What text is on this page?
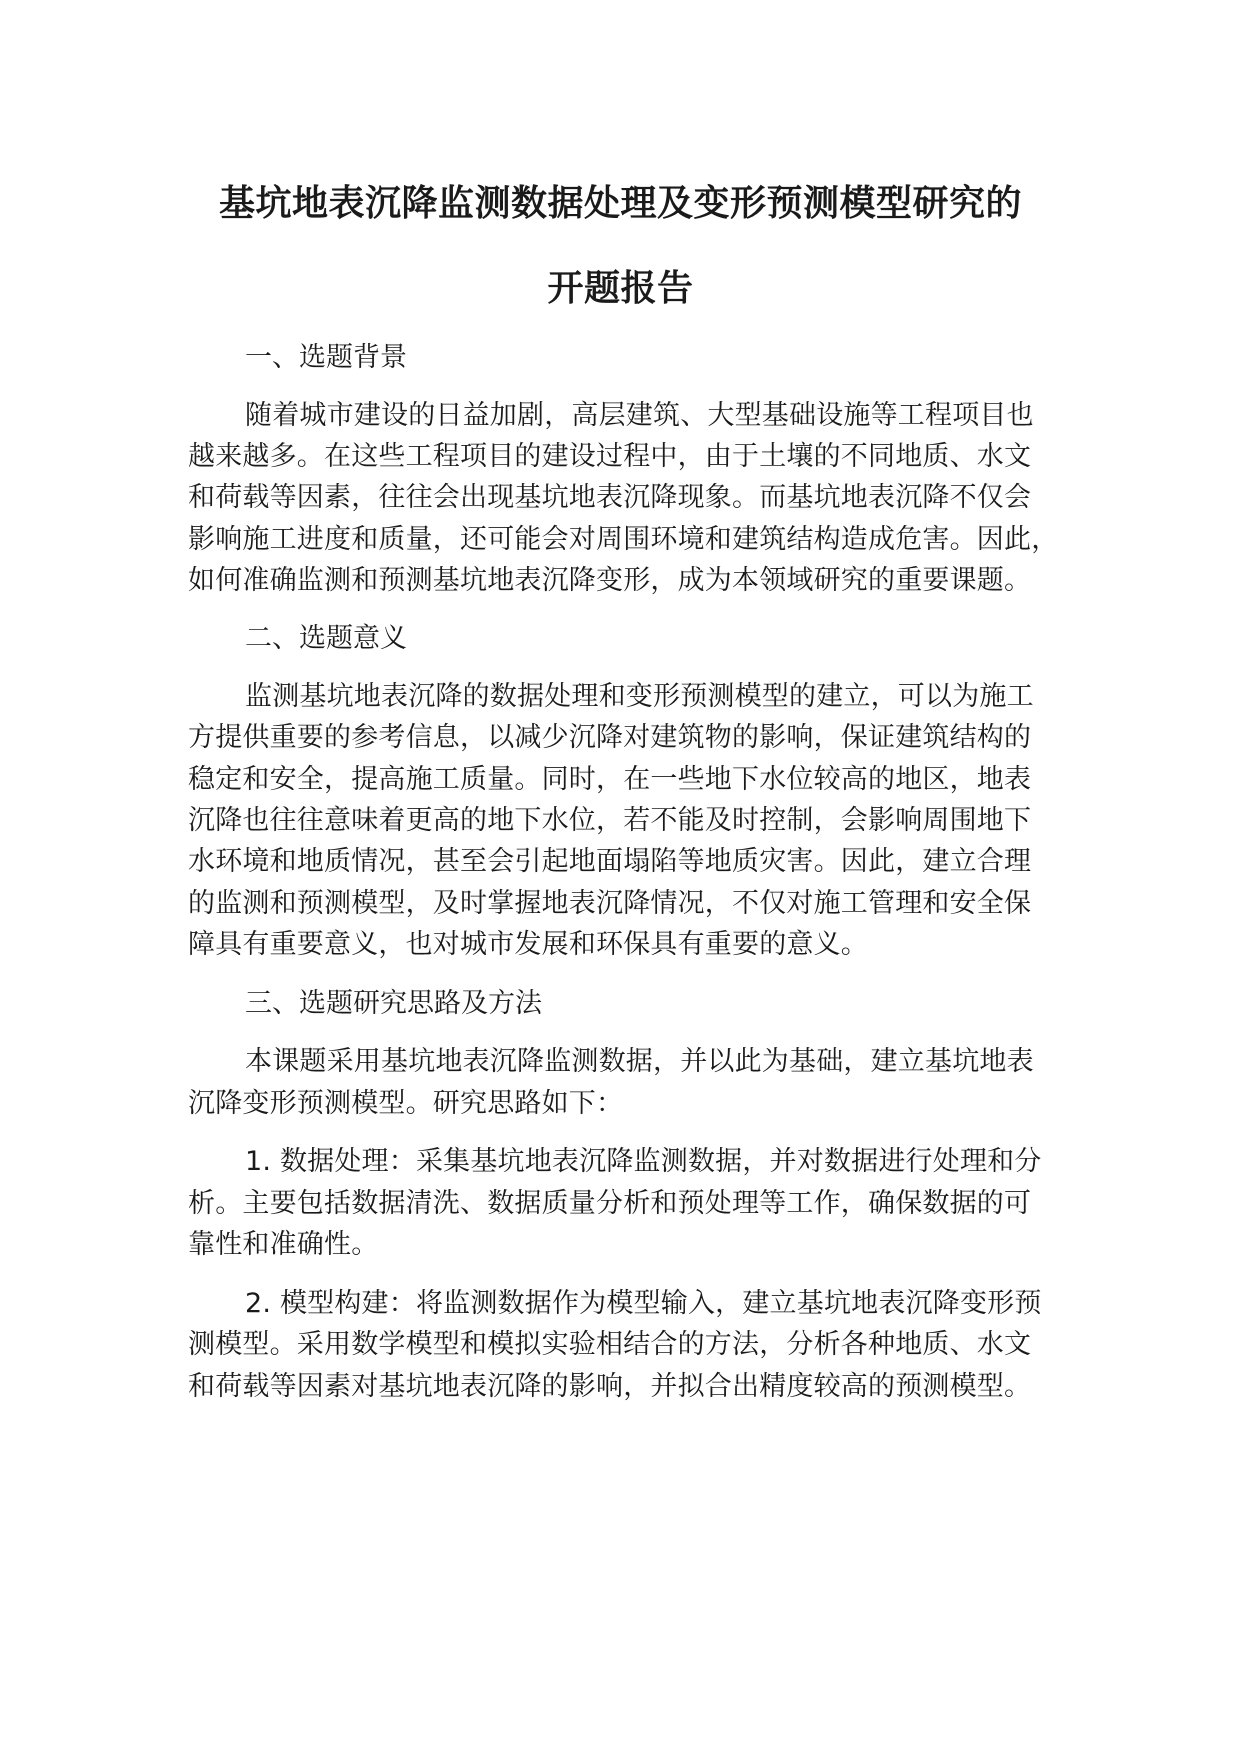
基坑地表沉降监测数据处理及变形预测模型研究的
开题报告
一、选题背景

随着城市建设的日益加剧，高层建筑、大型基础设施等工程项目也

越来越多。在这些工程项目的建设过程中，由于土壤的不同地质、水文

和荷载等因素，往往会出现基坑地表沉降现象。而基坑地表沉降不仅会

影响施工进度和质量，还可能会对周围环境和建筑结构造成危害。因此，

如何准确监测和预测基坑地表沉降变形，成为本领域研究的重要课题。

二、选题意义

监测基坑地表沉降的数据处理和变形预测模型的建立，可以为施工

方提供重要的参考信息，以减少沉降对建筑物的影响，保证建筑结构的

稳定和安全，提高施工质量。同时，在一些地下水位较高的地区，地表

沉降也往往意味着更高的地下水位，若不能及时控制，会影响周围地下

水环境和地质情况，甚至会引起地面塌陷等地质灾害。因此，建立合理

的监测和预测模型，及时掌握地表沉降情况，不仅对施工管理和安全保

障具有重要意义，也对城市发展和环保具有重要的意义。

三、选题研究思路及方法

本课题采用基坑地表沉降监测数据，并以此为基础，建立基坑地表

沉降变形预测模型。研究思路如下：

1. 数据处理：采集基坑地表沉降监测数据，并对数据进行处理和分

析。主要包括数据清洗、数据质量分析和预处理等工作，确保数据的可

靠性和准确性。

2. 模型构建：将监测数据作为模型输入，建立基坑地表沉降变形预

测模型。采用数学模型和模拟实验相结合的方法，分析各种地质、水文

和荷载等因素对基坑地表沉降的影响，并拟合出精度较高的预测模型。
